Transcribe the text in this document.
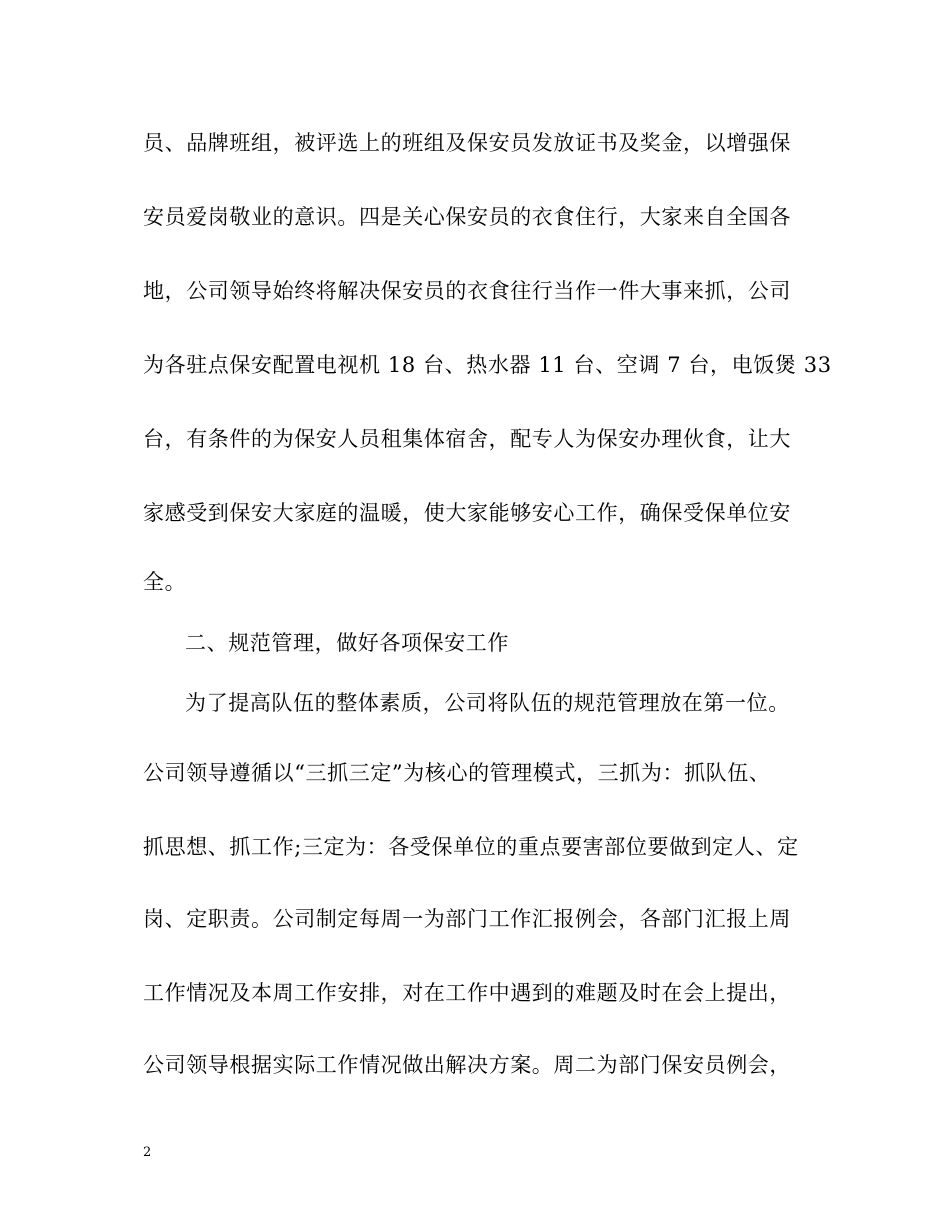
员、品牌班组，被评选上的班组及保安员发放证书及奖金，以增强保
安员爱岗敬业的意识。四是关心保安员的衣食住行，大家来自全国各
地，公司领导始终将解决保安员的衣食往行当作一件大事来抓，公司
为各驻点保安配置电视机 18 台、热水器 11 台、空调 7 台，电饭煲 33
台，有条件的为保安人员租集体宿舍，配专人为保安办理伙食，让大
家感受到保安大家庭的温暖，使大家能够安心工作，确保受保单位安
全。
二、规范管理，做好各项保安工作
为了提高队伍的整体素质，公司将队伍的规范管理放在第一位。
公司领导遵循以“三抓三定”为核心的管理模式，三抓为：抓队伍、
抓思想、抓工作;三定为：各受保单位的重点要害部位要做到定人、定
岗、定职责。公司制定每周一为部门工作汇报例会，各部门汇报上周
工作情况及本周工作安排，对在工作中遇到的难题及时在会上提出，
公司领导根据实际工作情况做出解决方案。周二为部门保安员例会，
2
